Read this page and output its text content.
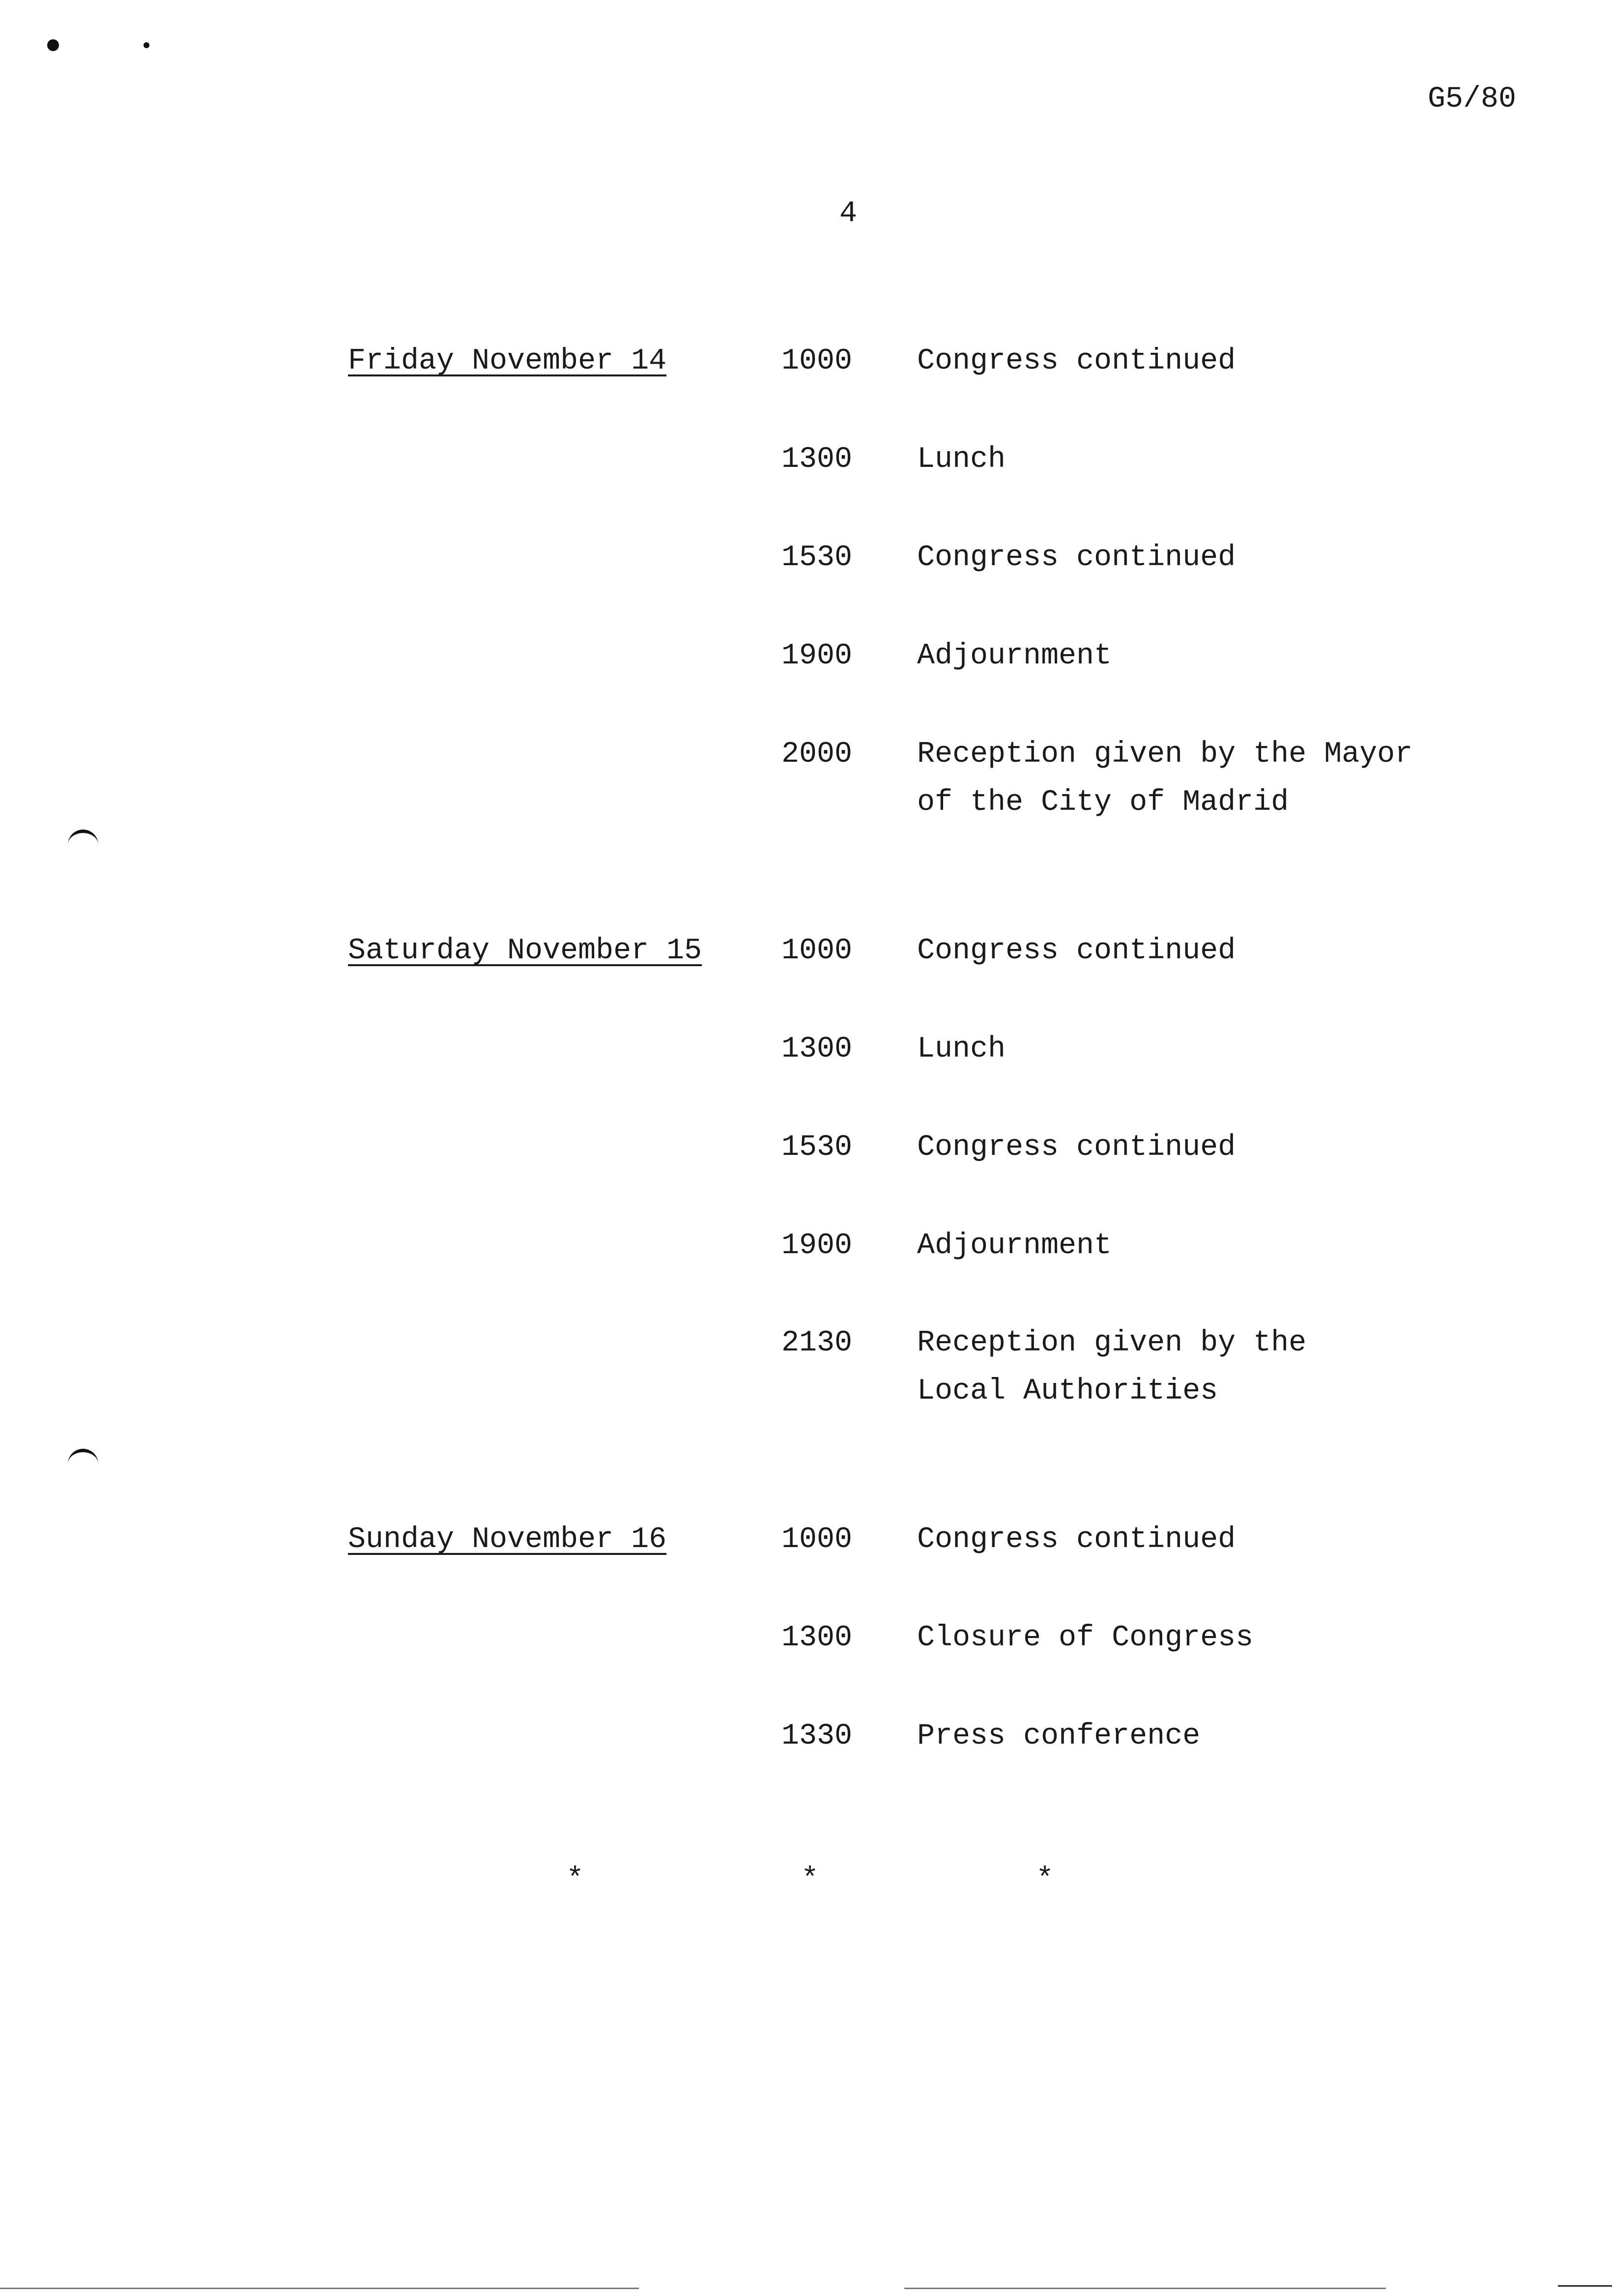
G5/80
4
Friday November 14	1000 Congress continued
1300 Lunch
1530 Congress continued
1900 Adjournment
2000 Reception given by the Mayor
of the City of Madrid
Saturday November 15	1000 Congress continued
1300 Lunch
1530 Congress continued
1900 Adjournment
2130 Reception given by the
Local Authorities
Sunday November 16	1000 Congress continued
1300 Closure of Congress
1330 Press conference
*	*	*
